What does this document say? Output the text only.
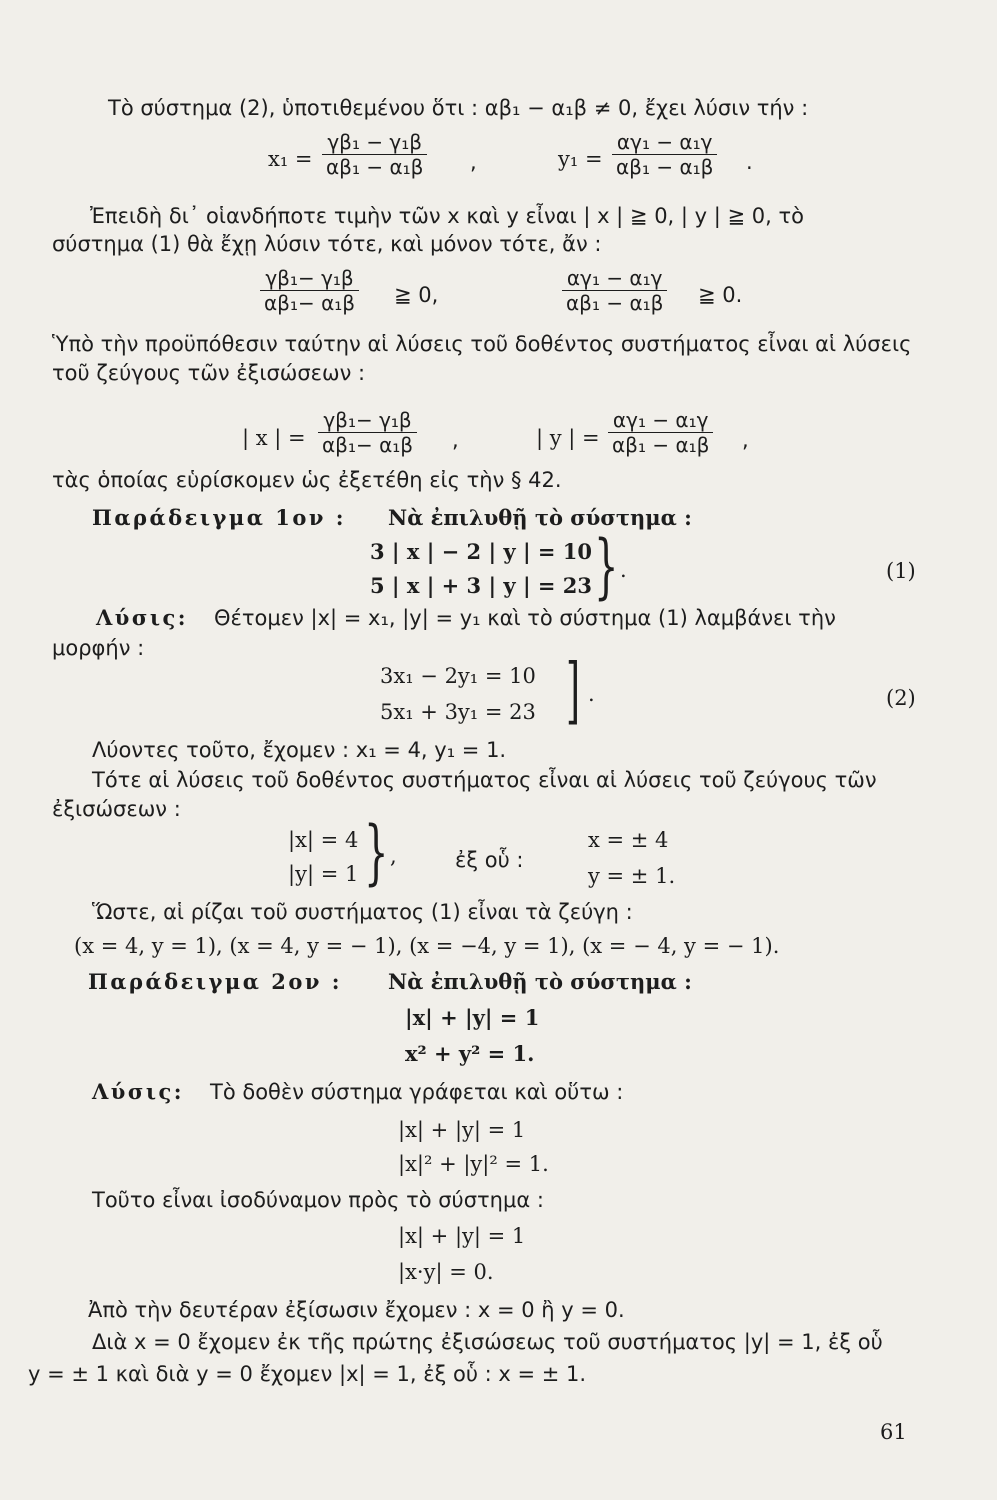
Τὸ σύστημα (2), ὑποτιθεμένου ὅτι : αβ₁ − α₁β ≠ 0, ἔχει λύσιν τήν :
$x_1 = \frac{\text{γβ₁ − γ₁β}}{\text{αβ₁ − α₁β}}$ ,	$y_1 = \frac{\text{αγ₁ − α₁γ}}{\text{αβ₁ − α₁β}}$ .
Ἐπειδὴ δι᾿ οἱανδήποτε τιμὴν τῶν x καὶ y εἶναι | x | ≧ 0, | y | ≧ 0, τὸ
σύστημα (1) θὰ ἔχῃ λύσιν τότε, καὶ μόνον τότε, ἄν :
$\frac{\text{γβ₁− γ₁β}}{\text{αβ₁− α₁β}}$ ≧ 0,	$\frac{\text{αγ₁ − α₁γ}}{\text{αβ₁ − α₁β}}$ ≧ 0.
Ὑπὸ τὴν προϋπόθεσιν ταύτην αἱ λύσεις τοῦ δοθέντος συστήματος εἶναι αἱ λύσεις
τοῦ ζεύγους τῶν ἐξισώσεων :
| x | = $\frac{\text{γβ₁− γ₁β}}{\text{αβ₁− α₁β}}$ ,	| y | = $\frac{\text{αγ₁ − α₁γ}}{\text{αβ₁ − α₁β}}$ ,
τὰς ὁποίας εὑρίσκομεν ὡς ἐξετέθη εἰς τὴν § 42.
Παράδειγμα 1ον : Νὰ ἐπιλυθῇ τὸ σύστημα :
3 | x | − 2 | y | = 10
5 | x | + 3 | y | = 23 } .	(1)
Λύσις: Θέτομεν |x| = x₁, |y| = y₁ καὶ τὸ σύστημα (1) λαμβάνει τὴν
μορφήν :
3x₁ − 2y₁ = 10
5x₁ + 3y₁ = 23 ] .	(2)
Λύοντες τοῦτο, ἔχομεν : x₁ = 4, y₁ = 1.
Τότε αἱ λύσεις τοῦ δοθέντος συστήματος εἶναι αἱ λύσεις τοῦ ζεύγους τῶν
ἐξισώσεων :
|x| = 4
|y| = 1 } ,	ἐξ οὗ :
x = ± 4
y = ± 1.
Ὥστε, αἱ ρίζαι τοῦ συστήματος (1) εἶναι τὰ ζεύγη :
(x = 4, y = 1), (x = 4, y = − 1), (x = −4, y = 1), (x = − 4, y = − 1).
Παράδειγμα 2ον : Νὰ ἐπιλυθῇ τὸ σύστημα :
|x| + |y| = 1
x² + y² = 1.
Λύσις: Τὸ δοθὲν σύστημα γράφεται καὶ οὕτω :
|x| + |y| = 1
|x|² + |y|² = 1.
Τοῦτο εἶναι ἰσοδύναμον πρὸς τὸ σύστημα :
|x| + |y| = 1
|x·y| = 0.
Ἀπὸ τὴν δευτέραν ἐξίσωσιν ἔχομεν : x = 0 ἢ y = 0.
Διὰ x = 0 ἔχομεν ἐκ τῆς πρώτης ἐξισώσεως τοῦ συστήματος |y| = 1, ἐξ οὗ
y = ± 1 καὶ διὰ y = 0 ἔχομεν |x| = 1, ἐξ οὗ : x = ± 1.
61
